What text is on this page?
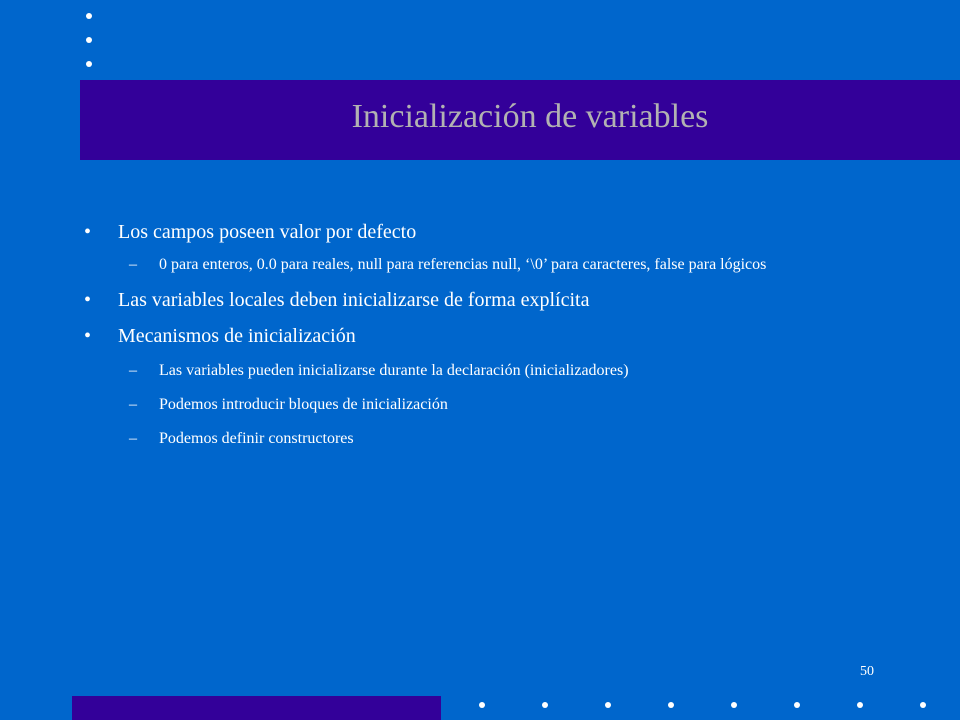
Inicialización de variables
• Los campos poseen valor por defecto
– 0 para enteros, 0.0 para reales, null para referencias null, ‘\0’ para caracteres, false para lógicos
• Las variables locales deben inicializarse de forma explícita
• Mecanismos de inicialización
– Las variables pueden inicializarse durante la declaración (inicializadores)
– Podemos introducir bloques de inicialización
– Podemos definir constructores
50
